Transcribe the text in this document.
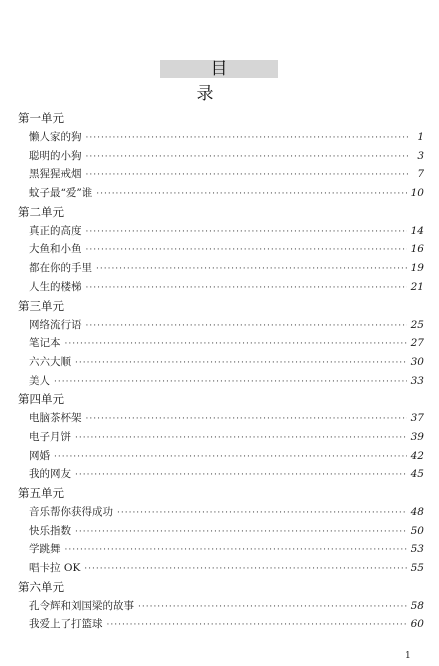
目 录
第一单元
懒人家的狗 ·····	1
聪明的小狗 ·····	3
黑猩猩戒烟 ·····	7
蚊子最“爱”谁 ·····	10
第二单元
真正的高度 ·····	14
大鱼和小鱼 ·····	16
都在你的手里 ·····	19
人生的楼梯 ·····	21
第三单元
网络流行语 ·····	25
笔记本 ·····	27
六六大顺 ·····	30
美人 ·····	33
第四单元
电脑茶杯架 ·····	37
电子月饼 ·····	39
网婚 ·····	42
我的网友 ·····	45
第五单元
音乐帮你获得成功 ·····	48
快乐指数 ·····	50
学跳舞 ·····	53
唱卡拉 OK ·····	55
第六单元
孔令辉和刘国梁的故事 ·····	58
我爱上了打篮球 ·····	60
1
